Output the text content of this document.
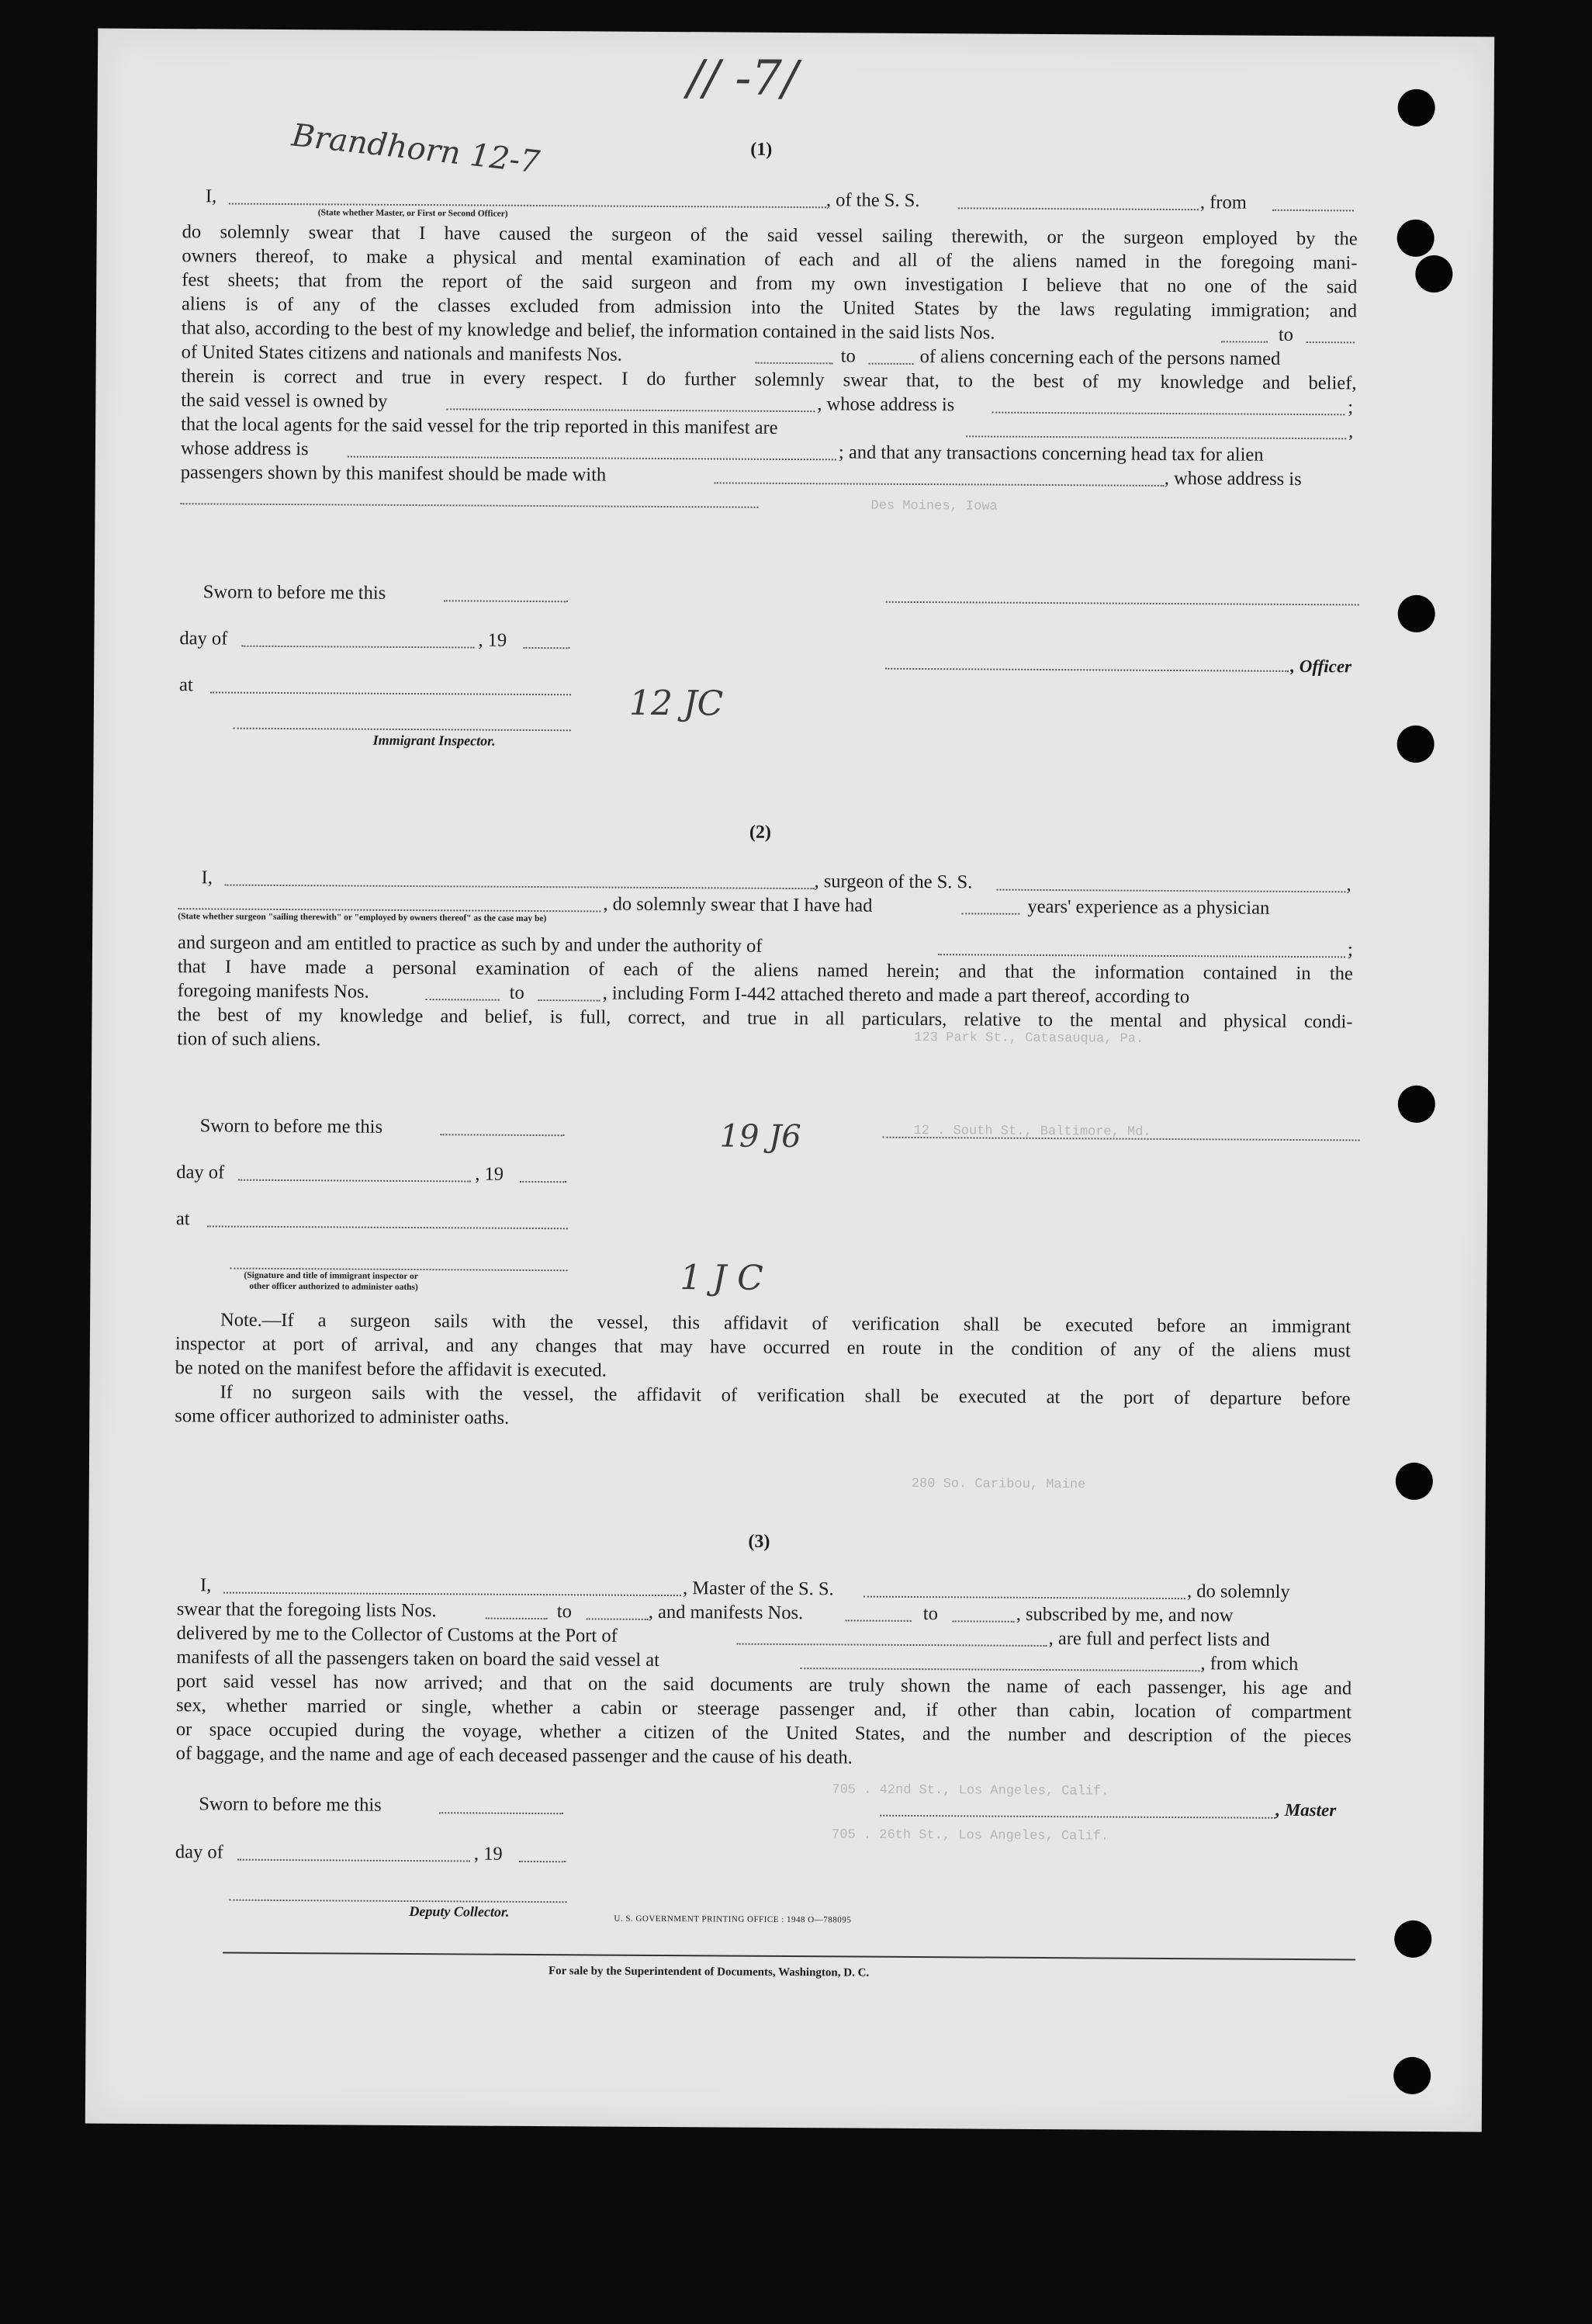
Des Moines, Iowa
123 Park St., Catasauqua, Pa.
12 . South St., Baltimore, Md.
280 So. Caribou, Maine
705 . 42nd St., Los Angeles, Calif.
705 . 26th St., Los Angeles, Calif.
// -7/
Brandhorn 12-7
12 JC
19 J6
1 J C
(1)
I,	, of the S. S.	, from
(State whether Master, or First or Second Officer)
do solemnly swear that I have caused the surgeon of the said vessel sailing therewith, or the surgeon employed by the
owners thereof, to make a physical and mental examination of each and all of the aliens named in the foregoing mani-
fest sheets; that from the report of the said surgeon and from my own investigation I believe that no one of the said
aliens is of any of the classes excluded from admission into the United States by the laws regulating immigration; and
that also, according to the best of my knowledge and belief, the information contained in the said lists Nos.	to
of United States citizens and nationals and manifests Nos.	to	of aliens concerning each of the persons named
therein is correct and true in every respect. I do further solemnly swear that, to the best of my knowledge and belief,
the said vessel is owned by	, whose address is	;
that the local agents for the said vessel for the trip reported in this manifest are	,
whose address is	; and that any transactions concerning head tax for alien
passengers shown by this manifest should be made with	, whose address is
Sworn to before me this
day of	, 19
, Officer
at
Immigrant Inspector.
(2)
I,	, surgeon of the S. S.	,
, do solemnly swear that I have had	years' experience as a physician
(State whether surgeon "sailing therewith" or "employed by owners thereof" as the case may be)
and surgeon and am entitled to practice as such by and under the authority of	;
that I have made a personal examination of each of the aliens named herein; and that the information contained in the
foregoing manifests Nos.	to	, including Form I-442 attached thereto and made a part thereof, according to
the best of my knowledge and belief, is full, correct, and true in all particulars, relative to the mental and physical condi-
tion of such aliens.
Sworn to before me this
day of	, 19
at
(Signature and title of immigrant inspector or
other officer authorized to administer oaths)
Note.—If a surgeon sails with the vessel, this affidavit of verification shall be executed before an immigrant
inspector at port of arrival, and any changes that may have occurred en route in the condition of any of the aliens must
be noted on the manifest before the affidavit is executed.
If no surgeon sails with the vessel, the affidavit of verification shall be executed at the port of departure before
some officer authorized to administer oaths.
(3)
I,	, Master of the S. S.	, do solemnly
swear that the foregoing lists Nos.	to	, and manifests Nos.	to	, subscribed by me, and now
delivered by me to the Collector of Customs at the Port of	, are full and perfect lists and
manifests of all the passengers taken on board the said vessel at	, from which
port said vessel has now arrived; and that on the said documents are truly shown the name of each passenger, his age and
sex, whether married or single, whether a cabin or steerage passenger and, if other than cabin, location of compartment
or space occupied during the voyage, whether a citizen of the United States, and the number and description of the pieces
of baggage, and the name and age of each deceased passenger and the cause of his death.
Sworn to before me this	, Master
day of	, 19
Deputy Collector.	U. S. GOVERNMENT PRINTING OFFICE : 1948 O—788095
For sale by the Superintendent of Documents, Washington, D. C.
